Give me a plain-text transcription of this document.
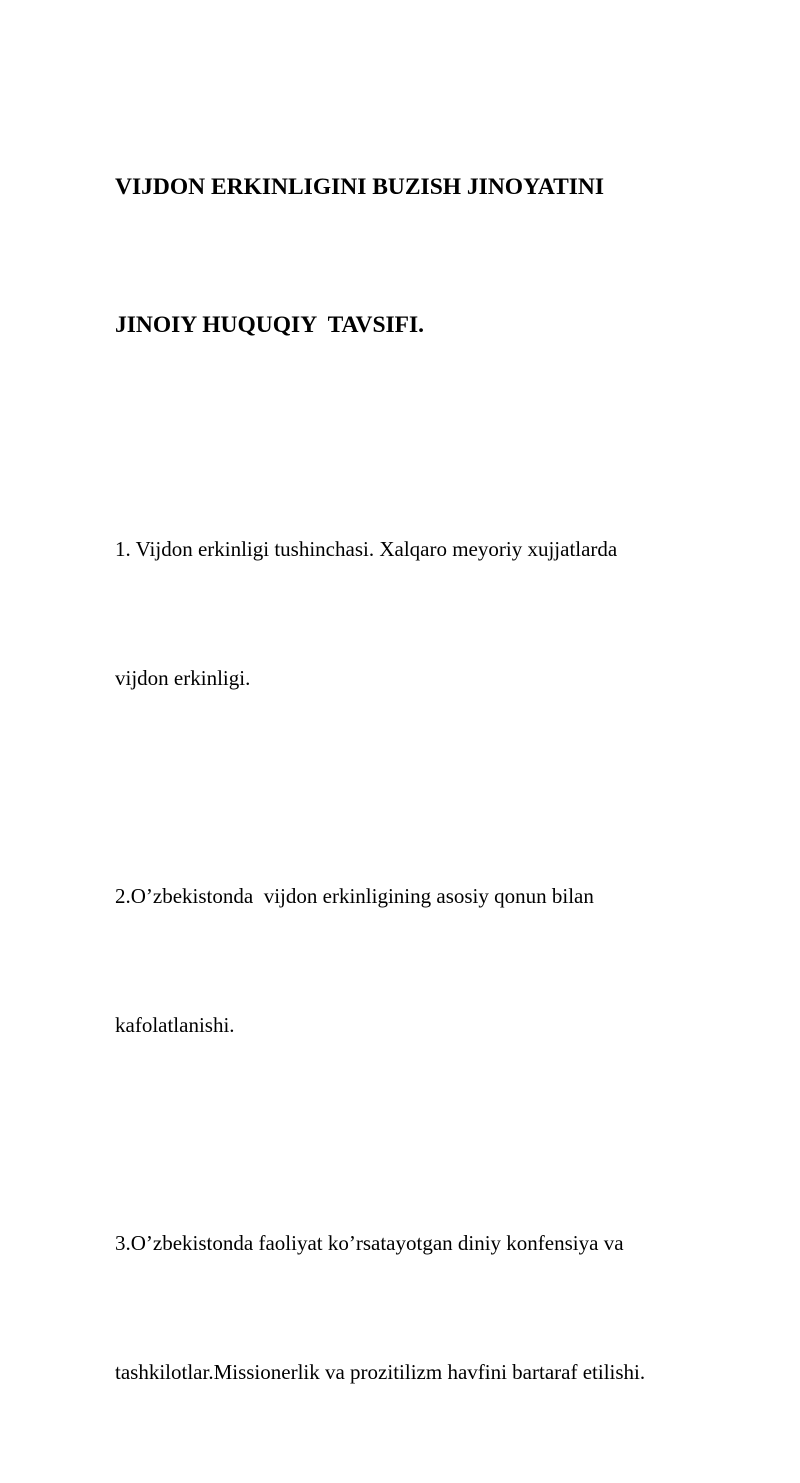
VIJDON ERKINLIGINI BUZISH JINOYATINI

JINOIY HUQUQIY  TAVSIFI.

1. Vijdon erkinligi tushinchasi. Xalqaro meyoriy xujjatlarda

vijdon erkinligi.

2.O’zbekistonda  vijdon erkinligining asosiy qonun bilan

kafolatlanishi.

3.O’zbekistonda faoliyat ko’rsatayotgan diniy konfensiya va

tashkilotlar.Missionerlik va prozitilizm havfini bartaraf etilishi.
